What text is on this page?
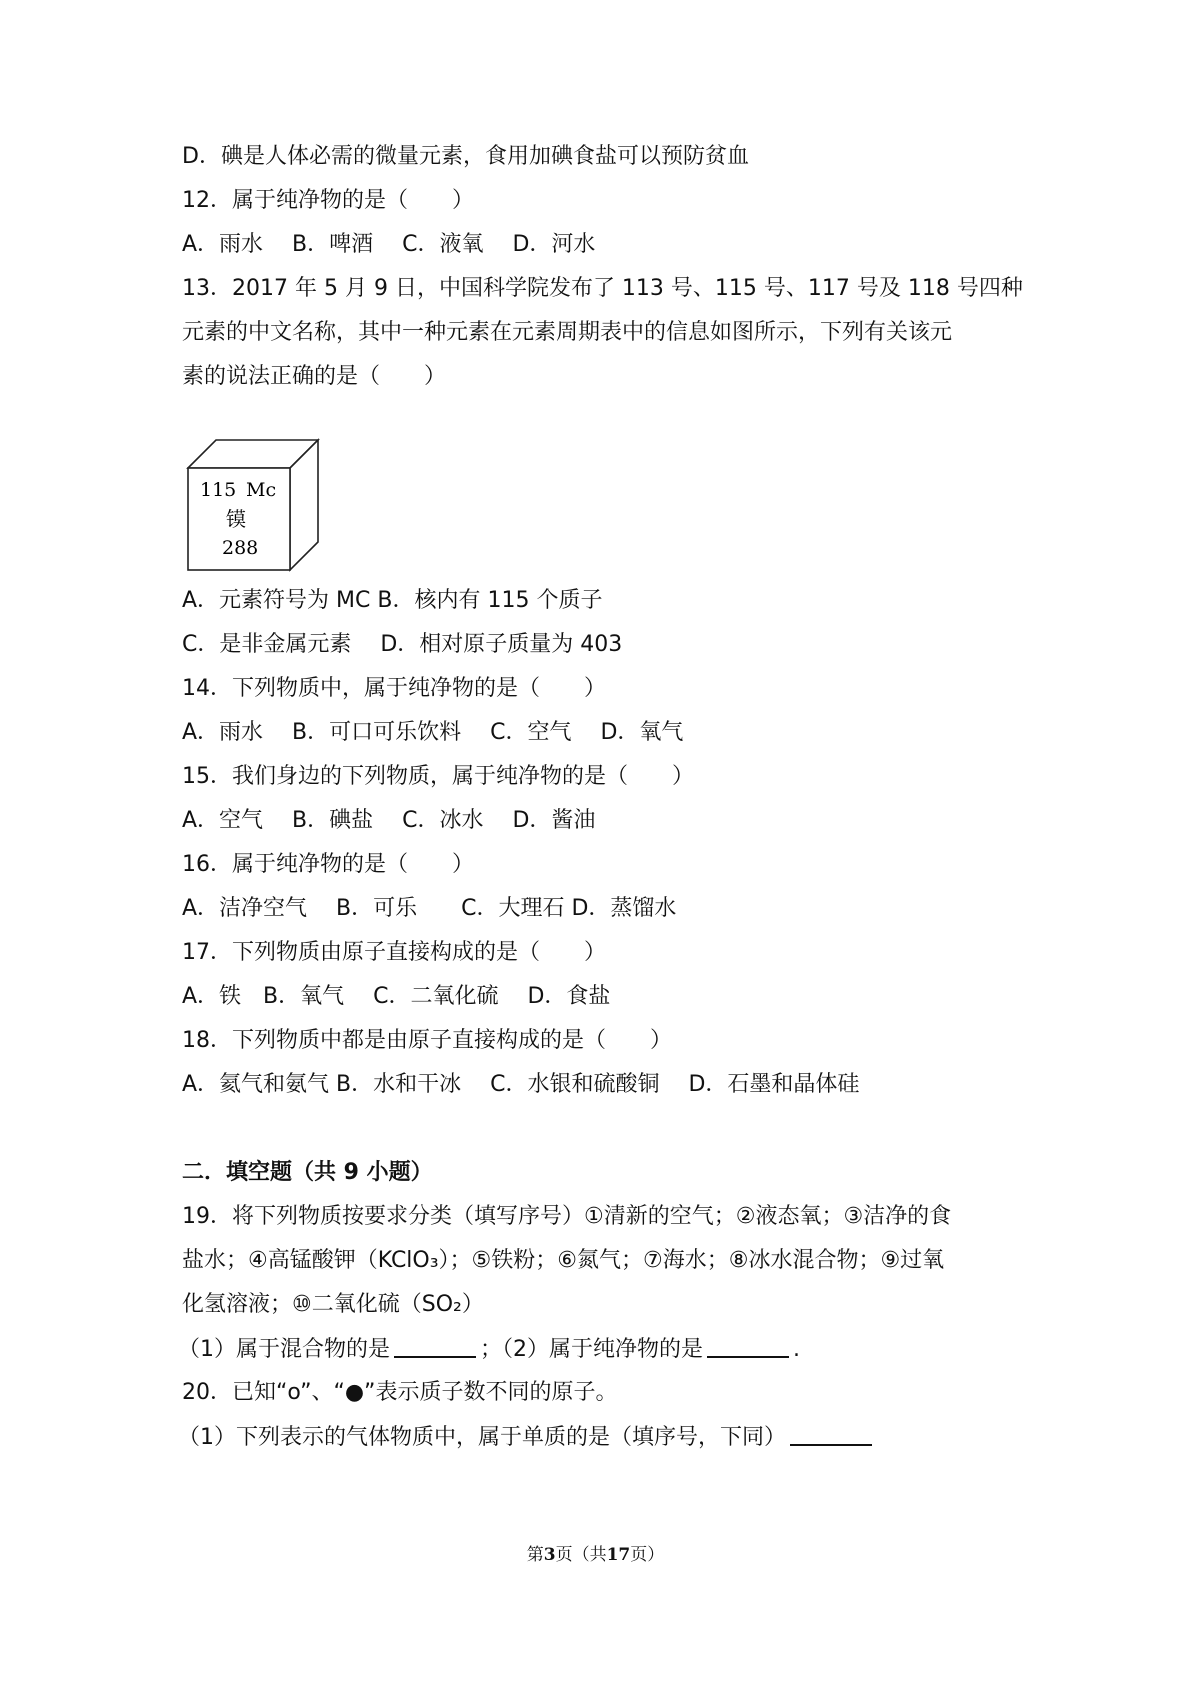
D．碘是人体必需的微量元素，食用加碘食盐可以预防贫血
12．属于纯净物的是（　　）
A．雨水　 B．啤酒　 C．液氧　 D．河水
13．2017 年 5 月 9 日，中国科学院发布了 113 号、115 号、117 号及 118 号四种
元素的中文名称，其中一种元素在元素周期表中的信息如图所示，下列有关该元
素的说法正确的是（　　）
115 Mc
镆
288
A．元素符号为 MC B．核内有 115 个质子
C．是非金属元素　 D．相对原子质量为 403
14．下列物质中，属于纯净物的是（　　）
A．雨水　 B．可口可乐饮料　 C．空气　 D．氧气
15．我们身边的下列物质，属于纯净物的是（　　）
A．空气　 B．碘盐　 C．冰水　 D．酱油
16．属于纯净物的是（　　）
A．洁净空气　 B．可乐　　C．大理石 D．蒸馏水
17．下列物质由原子直接构成的是（　　）
A．铁　B．氧气　 C．二氧化硫　 D．食盐
18．下列物质中都是由原子直接构成的是（　　）
A．氦气和氨气 B．水和干冰　 C．水银和硫酸铜　 D．石墨和晶体硅
二．填空题（共 9 小题）
19．将下列物质按要求分类（填写序号）①清新的空气；②液态氧；③洁净的食
盐水；④高锰酸钾（KClO₃）；⑤铁粉；⑥氮气；⑦海水；⑧冰水混合物；⑨过氧
化氢溶液；⑩二氧化硫（SO₂）
（1）属于混合物的是	；（2）属于纯净物的是	.
20．已知“o”、“●”表示质子数不同的原子。
（1）下列表示的气体物质中，属于单质的是（填序号，下同）
第3页（共17页）
